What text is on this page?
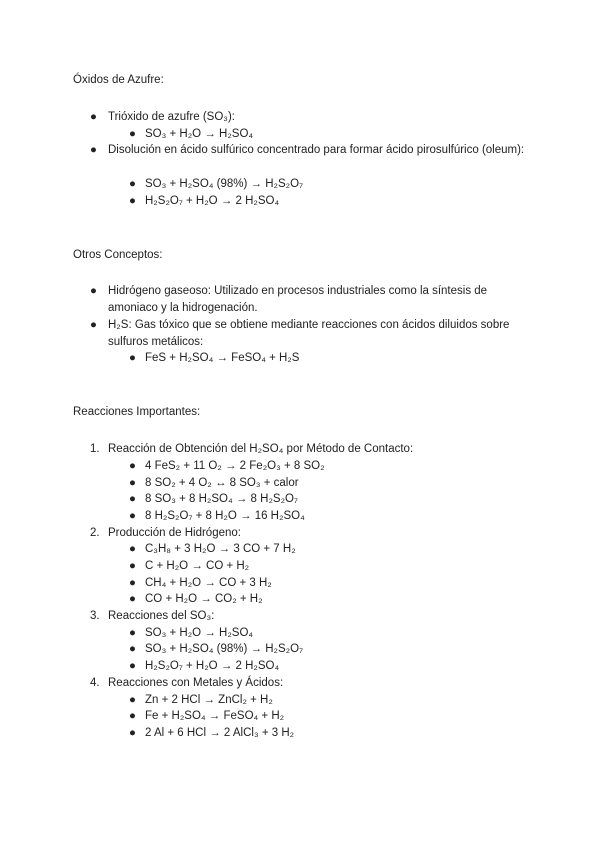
Óxidos de Azufre:
● Trióxido de azufre (SO₃):
● SO₃ + H₂O → H₂SO₄
● Disolución en ácido sulfúrico concentrado para formar ácido pirosulfúrico (oleum):
● SO₃ + H₂SO₄ (98%) → H₂S₂O₇
● H₂S₂O₇ + H₂O → 2 H₂SO₄
Otros Conceptos:
● Hidrógeno gaseoso: Utilizado en procesos industriales como la síntesis de amoniaco y la hidrogenación.
● H₂S: Gas tóxico que se obtiene mediante reacciones con ácidos diluidos sobre sulfuros metálicos:
● FeS + H₂SO₄ → FeSO₄ + H₂S
Reacciones Importantes:
1. Reacción de Obtención del H₂SO₄ por Método de Contacto:
● 4 FeS₂ + 11 O₂ → 2 Fe₂O₃ + 8 SO₂
● 8 SO₂ + 4 O₂ ↔ 8 SO₃ + calor
● 8 SO₃ + 8 H₂SO₄ → 8 H₂S₂O₇
● 8 H₂S₂O₇ + 8 H₂O → 16 H₂SO₄
2. Producción de Hidrógeno:
● C₃H₈ + 3 H₂O → 3 CO + 7 H₂
● C + H₂O → CO + H₂
● CH₄ + H₂O → CO + 3 H₂
● CO + H₂O → CO₂ + H₂
3. Reacciones del SO₃:
● SO₃ + H₂O → H₂SO₄
● SO₃ + H₂SO₄ (98%) → H₂S₂O₇
● H₂S₂O₇ + H₂O → 2 H₂SO₄
4. Reacciones con Metales y Ácidos:
● Zn + 2 HCl → ZnCl₂ + H₂
● Fe + H₂SO₄ → FeSO₄ + H₂
● 2 Al + 6 HCl → 2 AlCl₃ + 3 H₂
